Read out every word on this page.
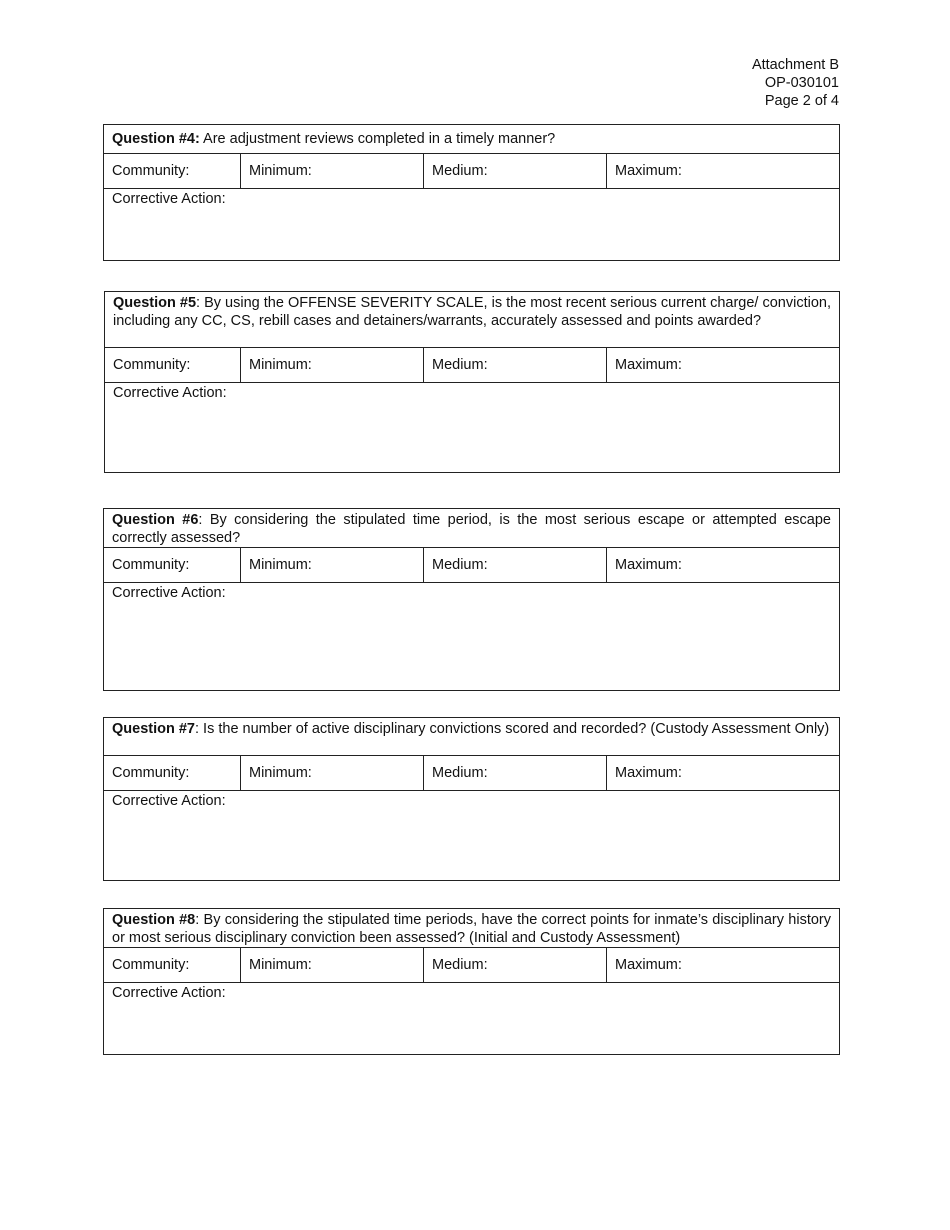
Attachment B
OP-030101
Page 2 of 4
Question #4: Are adjustment reviews completed in a timely manner?
Community:	Minimum:	Medium:	Maximum:
Corrective Action:
Question #5: By using the OFFENSE SEVERITY SCALE, is the most recent serious current charge/ conviction, including any CC, CS, rebill cases and detainers/warrants, accurately assessed and points awarded?
Community:	Minimum:	Medium:	Maximum:
Corrective Action:
Question #6: By considering the stipulated time period, is the most serious escape or attempted escape correctly assessed?
Community:	Minimum:	Medium:	Maximum:
Corrective Action:
Question #7: Is the number of active disciplinary convictions scored and recorded? (Custody Assessment Only)
Community:	Minimum:	Medium:	Maximum:
Corrective Action:
Question #8: By considering the stipulated time periods, have the correct points for inmate’s disciplinary history or most serious disciplinary conviction been assessed? (Initial and Custody Assessment)
Community:	Minimum:	Medium:	Maximum:
Corrective Action:
